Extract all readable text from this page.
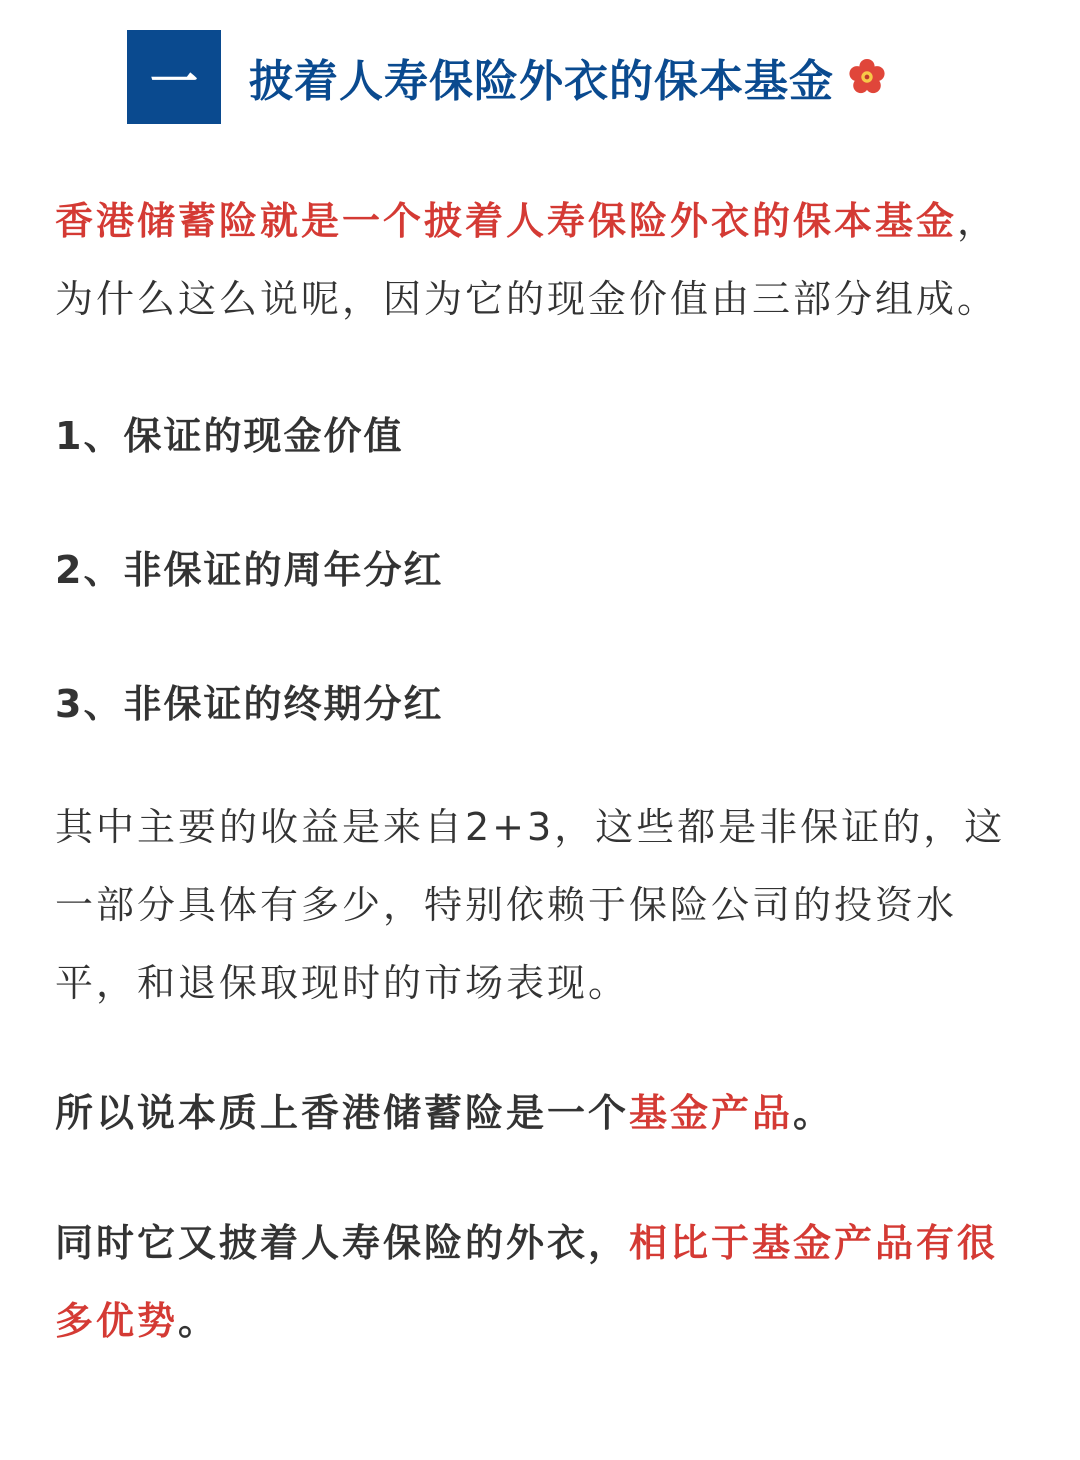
一 披着人寿保险外衣的保本基金

香港储蓄险就是一个披着人寿保险外衣的保本基金，为什么这么说呢，因为它的现金价值由三部分组成。

1、保证的现金价值

2、非保证的周年分红

3、非保证的终期分红

其中主要的收益是来自2+3，这些都是非保证的，这一部分具体有多少，特别依赖于保险公司的投资水平，和退保取现时的市场表现。

所以说本质上香港储蓄险是一个基金产品。

同时它又披着人寿保险的外衣，相比于基金产品有很多优势。
